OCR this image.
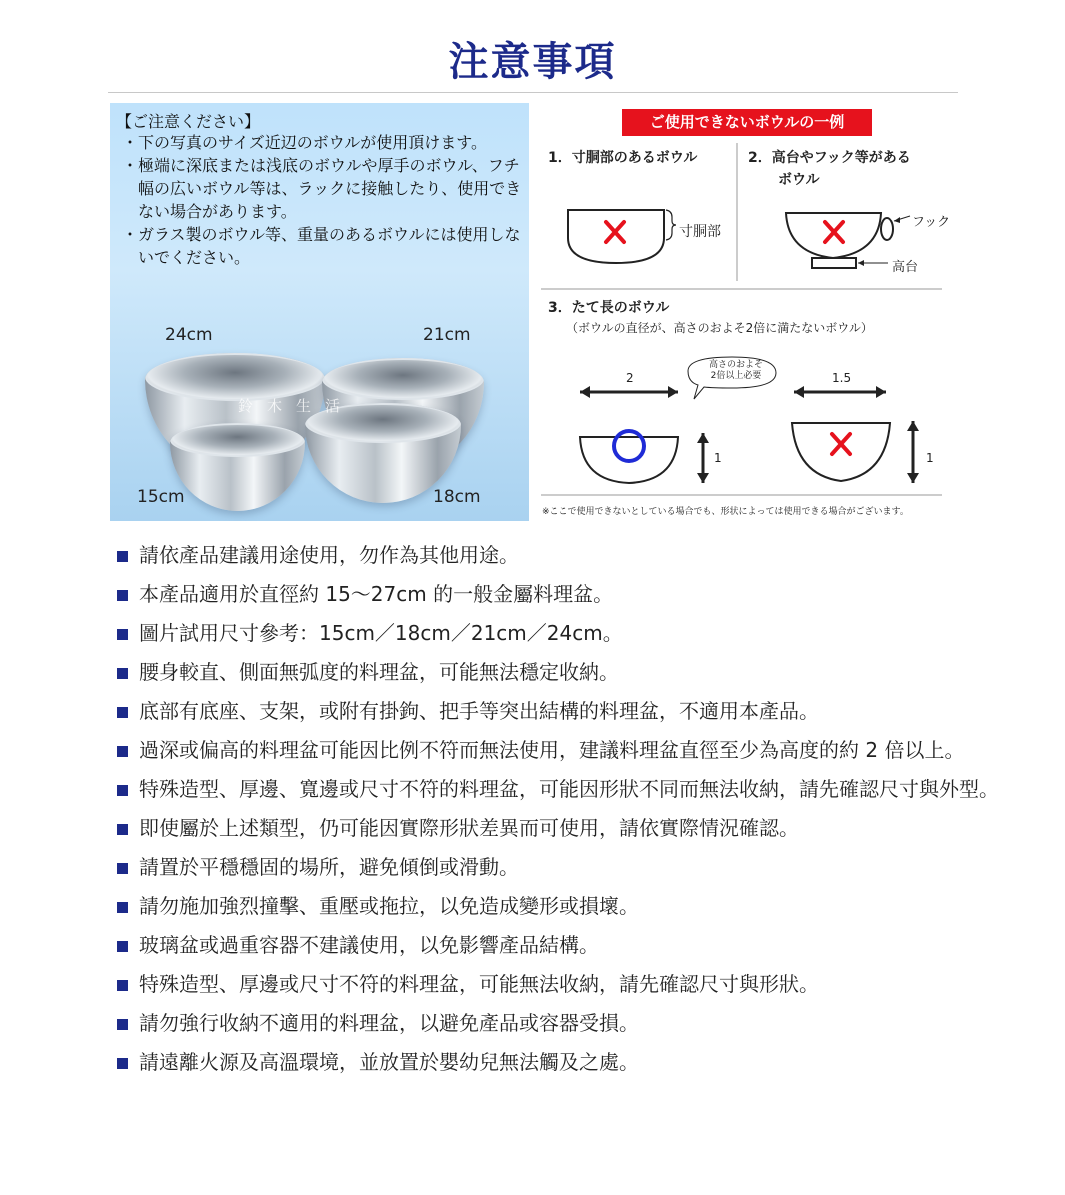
注意事項
【ご注意ください】
・下の写真のサイズ近辺のボウルが使用頂けます。
・極端に深底または浅底のボウルや厚手のボウル、フチ幅の広いボウル等は、ラックに接触したり、使用できない場合があります。
・ガラス製のボウル等、重量のあるボウルには使用しないでください。
24cm	21cm
鈴木生活
15cm	18cm
ご使用できないボウルの一例
1．寸胴部のあるボウル	2．高台やフック等がある
ボウル
寸胴部
フック
高台
3．たて長のボウル
（ボウルの直径が、高さのおよそ2倍に満たないボウル）
高さのおよそ
2倍以上必要
2
1
1.5
1
※ここで使用できないとしている場合でも、形状によっては使用できる場合がございます。
請依產品建議用途使用，勿作為其他用途。
本產品適用於直徑約 15～27cm 的一般金屬料理盆。
圖片試用尺寸參考：15cm／18cm／21cm／24cm。
腰身較直、側面無弧度的料理盆，可能無法穩定收納。
底部有底座、支架，或附有掛鉤、把手等突出結構的料理盆，不適用本產品。
過深或偏高的料理盆可能因比例不符而無法使用，建議料理盆直徑至少為高度的約 2 倍以上。
特殊造型、厚邊、寬邊或尺寸不符的料理盆，可能因形狀不同而無法收納，請先確認尺寸與外型。
即使屬於上述類型，仍可能因實際形狀差異而可使用，請依實際情況確認。
請置於平穩穩固的場所，避免傾倒或滑動。
請勿施加強烈撞擊、重壓或拖拉，以免造成變形或損壞。
玻璃盆或過重容器不建議使用，以免影響產品結構。
特殊造型、厚邊或尺寸不符的料理盆，可能無法收納，請先確認尺寸與形狀。
請勿強行收納不適用的料理盆，以避免產品或容器受損。
請遠離火源及高溫環境，並放置於嬰幼兒無法觸及之處。
